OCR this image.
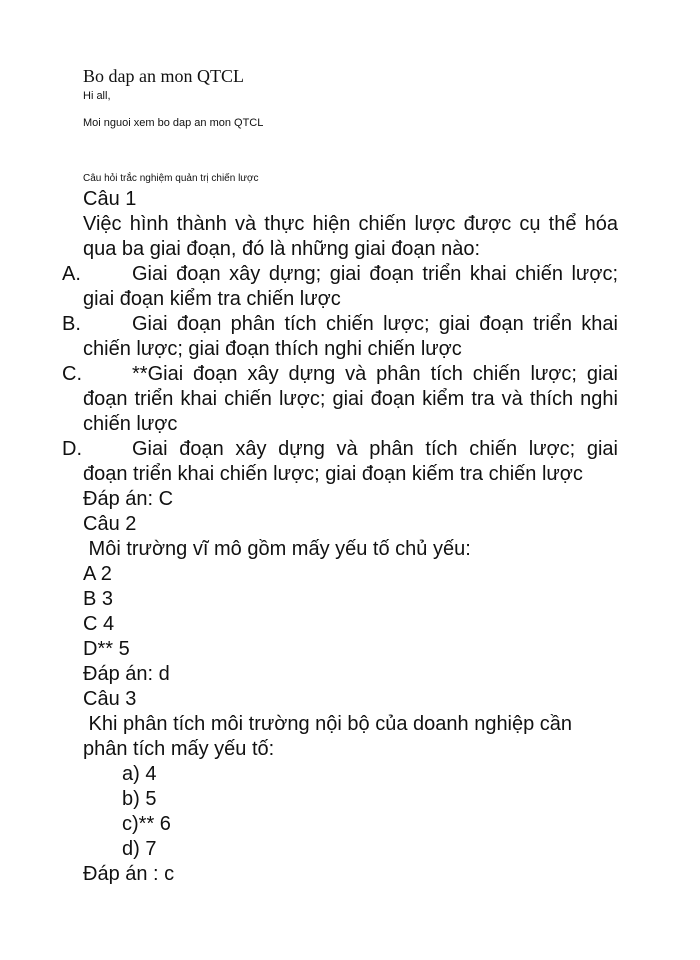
Bo dap an mon QTCL
Hi all,
Moi nguoi xem bo dap an mon QTCL
Câu hỏi trắc nghiệm quản trị chiến lược
Câu 1
Việc hình thành và thực hiện chiến lược được cụ thể hóa
qua ba giai đoạn, đó là những giai đoạn nào:
A.	Giai đoạn xây dựng; giai đoạn triển khai chiến lược;
giai đoạn kiểm tra chiến lược
B.	Giai đoạn phân tích chiến lược; giai đoạn triển khai
chiến lược; giai đoạn thích nghi chiến lược
C.	**Giai đoạn xây dựng và phân tích chiến lược; giai
đoạn triển khai chiến lược; giai đoạn kiểm tra và thích nghi
chiến lược
D.	Giai đoạn xây dựng và phân tích chiến lược; giai
đoạn triển khai chiến lược; giai đoạn kiếm tra chiến lược
Đáp án: C
Câu 2
Môi trường vĩ mô gồm mấy yếu tố chủ yếu:
A 2
B 3
C 4
D** 5
Đáp án: d
Câu 3
Khi phân tích môi trường nội bộ của doanh nghiệp cần
phân tích mấy yếu tố:
a) 4
b) 5
c)** 6
d) 7
Đáp án : c
